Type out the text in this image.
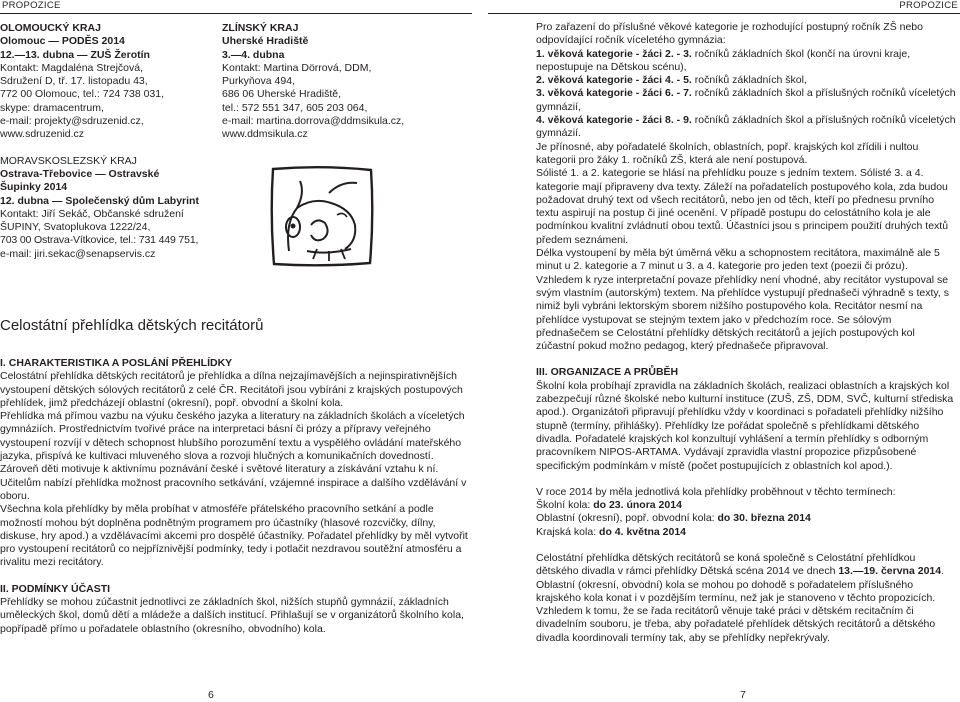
PROPOZICE	PROPOZICE

OLOMOUCKÝ KRAJ

Olomouc — PODĚS 2014

12.—13. dubna — ZUŠ Žerotín

Kontakt: Magdaléna Strejčová,

Sdružení D, tř. 17. listopadu 43,

772 00 Olomouc, tel.: 724 738 031,

skype: dramacentrum,

e-mail: projekty@sdruzenid.cz,

www.sdruzenid.cz

MORAVSKOSLEZSKÝ KRAJ

Ostrava-Třebovice — Ostravské

Šupinky 2014

12. dubna — Společenský dům Labyrint

Kontakt: Jiří Sekáč, Občanské sdružení

ŠUPINY, Svatoplukova 1222/24,

703 00 Ostrava-Vítkovice, tel.: 731 449 751,

e-mail: jiri.sekac@senapservis.cz

ZLÍNSKÝ KRAJ

Uherské Hradiště

3.—4. dubna

Kontakt: Martina Dörrová, DDM,

Purkyňova 494,

686 06 Uherské Hradiště,

tel.: 572 551 347, 605 203 064,

e-mail: martina.dorrova@ddmsikula.cz,

www.ddmsikula.cz

Celostátní přehlídka dětských recitátorů

I. CHARAKTERISTIKA A POSLÁNÍ PŘEHLÍDKY

Celostátní přehlídka dětských recitátorů je přehlídka a dílna nejzajímavějších a nejinspirativnějších vystoupení dětských sólových recitátorů z celé ČR. Recitátoři jsou vybíráni z krajských postupových přehlídek, jimž předcházejí oblastní (okresní), popř. obvodní a školní kola.

Přehlídka má přímou vazbu na výuku českého jazyka a literatury na základních školách a víceletých gymnáziích. Prostřednictvím tvořivé práce na interpretaci básní či prózy a přípravy veřejného vystoupení rozvíjí v dětech schopnost hlubšího porozumění textu a vyspělého ovládání mateřského jazyka, přispívá ke kultivaci mluveného slova a rozvoji hlučných a komunikačních dovedností. Zároveň děti motivuje k aktivnímu poznávání české i světové literatury a získávání vztahu k ní.

Učitelům nabízí přehlídka možnost pracovního setkávání, vzájemné inspirace a dalšího vzdělávání v oboru.

Všechna kola přehlídky by měla probíhat v atmosféře přátelského pracovního setkání a podle možností mohou být doplněna podnětným programem pro účastníky (hlasové rozcvičky, dílny, diskuse, hry apod.) a vzdělávacími akcemi pro dospělé účastníky. Pořadatel přehlídky by měl vytvořit pro vystoupení recitátorů co nejpříznivější podmínky, tedy i potlačit nezdravou soutěžní atmosféru a rivalitu mezi recitátory.

II. PODMÍNKY ÚČASTI

Přehlídky se mohou zúčastnit jednotlivci ze základních škol, nižších stupňů gymnázií, základních uměleckých škol, domů dětí a mládeže a dalších institucí. Přihlašují se v organizátorů školního kola, popřípadě přímo u pořadatele oblastního (okresního, obvodního) kola.

Pro zařazení do příslušné věkové kategorie je rozhodující postupný ročník ZŠ nebo odpovídající ročník víceletého gymnázia:

1. věková kategorie - žáci 2. - 3. ročníků základních škol (končí na úrovni kraje, nepostupuje na Dětskou scénu),

2. věková kategorie - žáci 4. - 5. ročníků základních škol,

3. věková kategorie - žáci 6. - 7. ročníků základních škol a příslušných ročníků víceletých gymnázií,

4. věková kategorie - žáci 8. - 9. ročníků základních škol a příslušných ročníků víceletých gymnázií.

Je přínosné, aby pořadatelé školních, oblastních, popř. krajských kol zřídili i nultou kategorii pro žáky 1. ročníků ZŠ, která ale není postupová.

Sólisté 1. a 2. kategorie se hlásí na přehlídku pouze s jedním textem. Sólisté 3. a 4. kategorie mají připraveny dva texty. Záleží na pořadatelích postupového kola, zda budou požadovat druhý text od všech recitátorů, nebo jen od těch, kteří po přednesu prvního textu aspirují na postup či jiné ocenění. V případě postupu do celostátního kola je ale podmínkou kvalitní zvládnutí obou textů. Účastníci jsou s principem použití druhých textů předem seznámeni.

Délka vystoupení by měla být úměrná věku a schopnostem recitátora, maximálně ale 5 minut u 2. kategorie a 7 minut u 3. a 4. kategorie pro jeden text (poezii či prózu). Vzhledem k ryze interpretační povaze přehlídky není vhodné, aby recitátor vystupoval se svým vlastním (autorským) textem. Na přehlídce vystupují přednašeči výhradně s texty, s nimiž byli vybráni lektorským sborem nižšího postupového kola. Recitátor nesmí na přehlídce vystupovat se stejným textem jako v předchozím roce. Se sólovým přednašečem se Celostátní přehlídky dětských recitátorů a jejích postupových kol zúčastní pokud možno pedagog, který přednašeče připravoval.

III. ORGANIZACE A PRŮBĚH

Školní kola probíhají zpravidla na základních školách, realizaci oblastních a krajských kol zabezpečují různé školské nebo kulturní instituce (ZUŠ, ZŠ, DDM, SVČ, kulturní střediska apod.). Organizátoři připravují přehlídku vždy v koordinaci s pořadateli přehlídky nižšího stupně (termíny, přihlášky). Přehlídky lze pořádat společně s přehlídkami dětského divadla. Pořadatelé krajských kol konzultují vyhlášení a termín přehlídky s odborným pracovníkem NIPOS-ARTAMA. Vydávají zpravidla vlastní propozice přizpůsobené specifickým podmínkám v místě (počet postupujících z oblastních kol apod.).

V roce 2014 by měla jednotlivá kola přehlídky proběhnout v těchto termínech:

Školní kola: do 23. února 2014

Oblastní (okresní), popř. obvodní kola: do 30. března 2014

Krajská kola: do 4. května 2014

Celostátní přehlídka dětských recitátorů se koná společně s Celostátní přehlídkou dětského divadla v rámci přehlídky Dětská scéna 2014 ve dnech 13.—19. června 2014. Oblastní (okresní, obvodní) kola se mohou po dohodě s pořadatelem příslušného krajského kola konat i v pozdějším termínu, než jak je stanoveno v těchto propozicích. Vzhledem k tomu, že se řada recitátorů věnuje také práci v dětském recitačním či divadelním souboru, je třeba, aby pořadatelé přehlídek dětských recitátorů a dětského divadla koordinovali termíny tak, aby se přehlídky nepřekrývaly.

6	7
